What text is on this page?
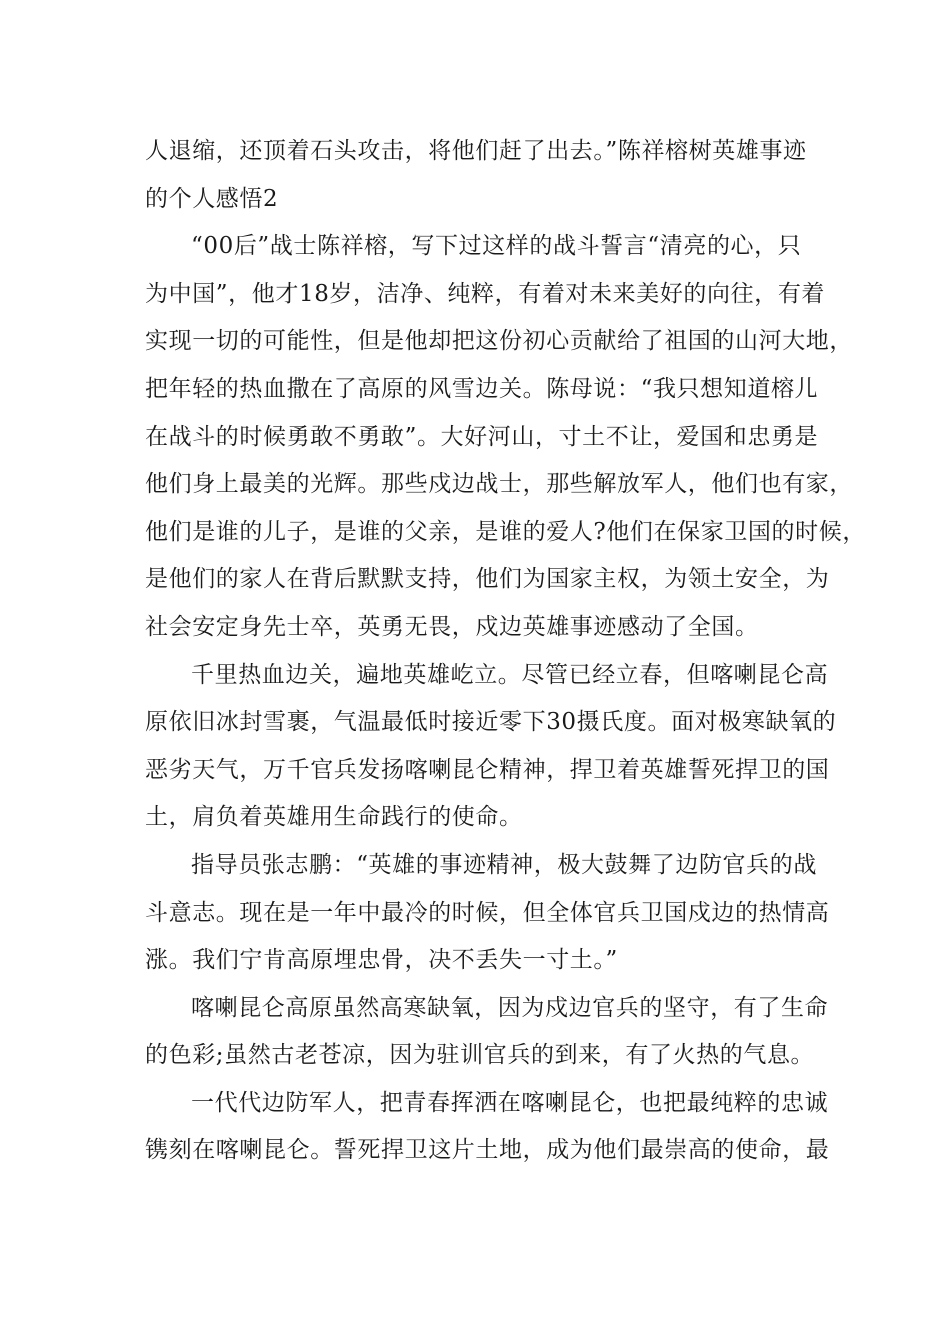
人退缩，还顶着石头攻击，将他们赶了出去。”陈祥榕树英雄事迹
的个人感悟2
“00后”战士陈祥榕，写下过这样的战斗誓言“清亮的心，只
为中国”，他才18岁，洁净、纯粹，有着对未来美好的向往，有着
实现一切的可能性，但是他却把这份初心贡献给了祖国的山河大地，
把年轻的热血撒在了高原的风雪边关。陈母说：“我只想知道榕儿
在战斗的时候勇敢不勇敢”。大好河山，寸土不让，爱国和忠勇是
他们身上最美的光辉。那些戍边战士，那些解放军人，他们也有家，
他们是谁的儿子，是谁的父亲，是谁的爱人?他们在保家卫国的时候，
是他们的家人在背后默默支持，他们为国家主权，为领土安全，为
社会安定身先士卒，英勇无畏，戍边英雄事迹感动了全国。
千里热血边关，遍地英雄屹立。尽管已经立春，但喀喇昆仑高
原依旧冰封雪裹，气温最低时接近零下30摄氏度。面对极寒缺氧的
恶劣天气，万千官兵发扬喀喇昆仑精神，捍卫着英雄誓死捍卫的国
土，肩负着英雄用生命践行的使命。
指导员张志鹏：“英雄的事迹精神，极大鼓舞了边防官兵的战
斗意志。现在是一年中最冷的时候，但全体官兵卫国戍边的热情高
涨。我们宁肯高原埋忠骨，决不丢失一寸土。”
喀喇昆仑高原虽然高寒缺氧，因为戍边官兵的坚守，有了生命
的色彩;虽然古老苍凉，因为驻训官兵的到来，有了火热的气息。
一代代边防军人，把青春挥洒在喀喇昆仑，也把最纯粹的忠诚
镌刻在喀喇昆仑。誓死捍卫这片土地，成为他们最崇高的使命，最
